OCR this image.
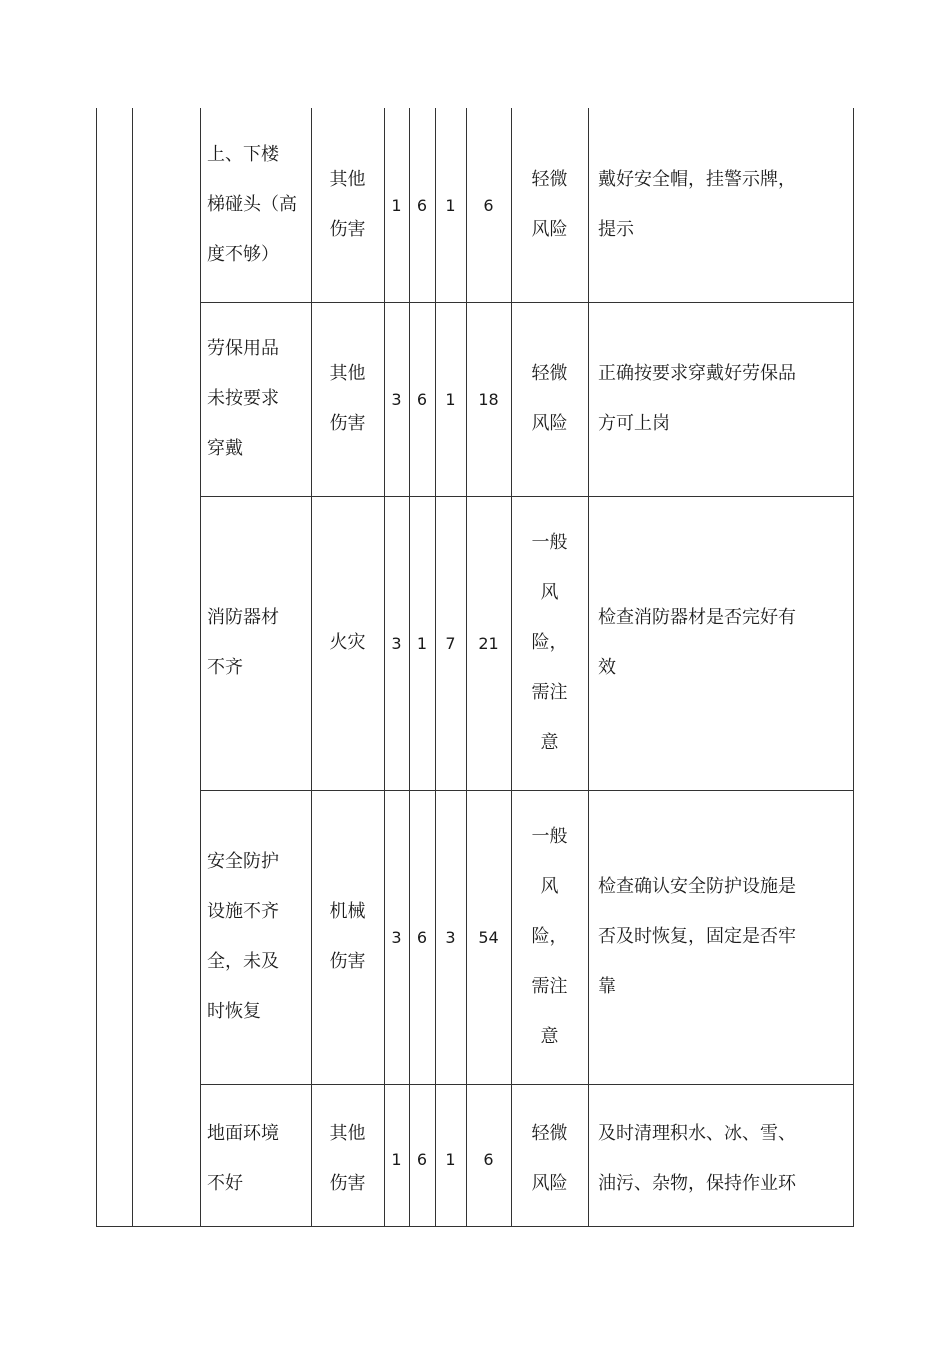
上、下楼
梯碰头（高
度不够）
其他
伤害
1 6 1 6
轻微
风险
戴好安全帽，挂警示牌，
提示
劳保用品
未按要求
穿戴
其他
伤害
3 6 1 18
轻微
风险
正确按要求穿戴好劳保品
方可上岗
消防器材
不齐
火灾 3 1 7 21
一般
风
险，
需注
意
检查消防器材是否完好有
效
安全防护
设施不齐
全，未及
时恢复
机械
伤害
3 6 3 54
一般
风
险，
需注
意
检查确认安全防护设施是
否及时恢复，固定是否牢
靠
地面环境
不好
其他
伤害
1 6 1 6
轻微
风险
及时清理积水、冰、雪、
油污、杂物，保持作业环
